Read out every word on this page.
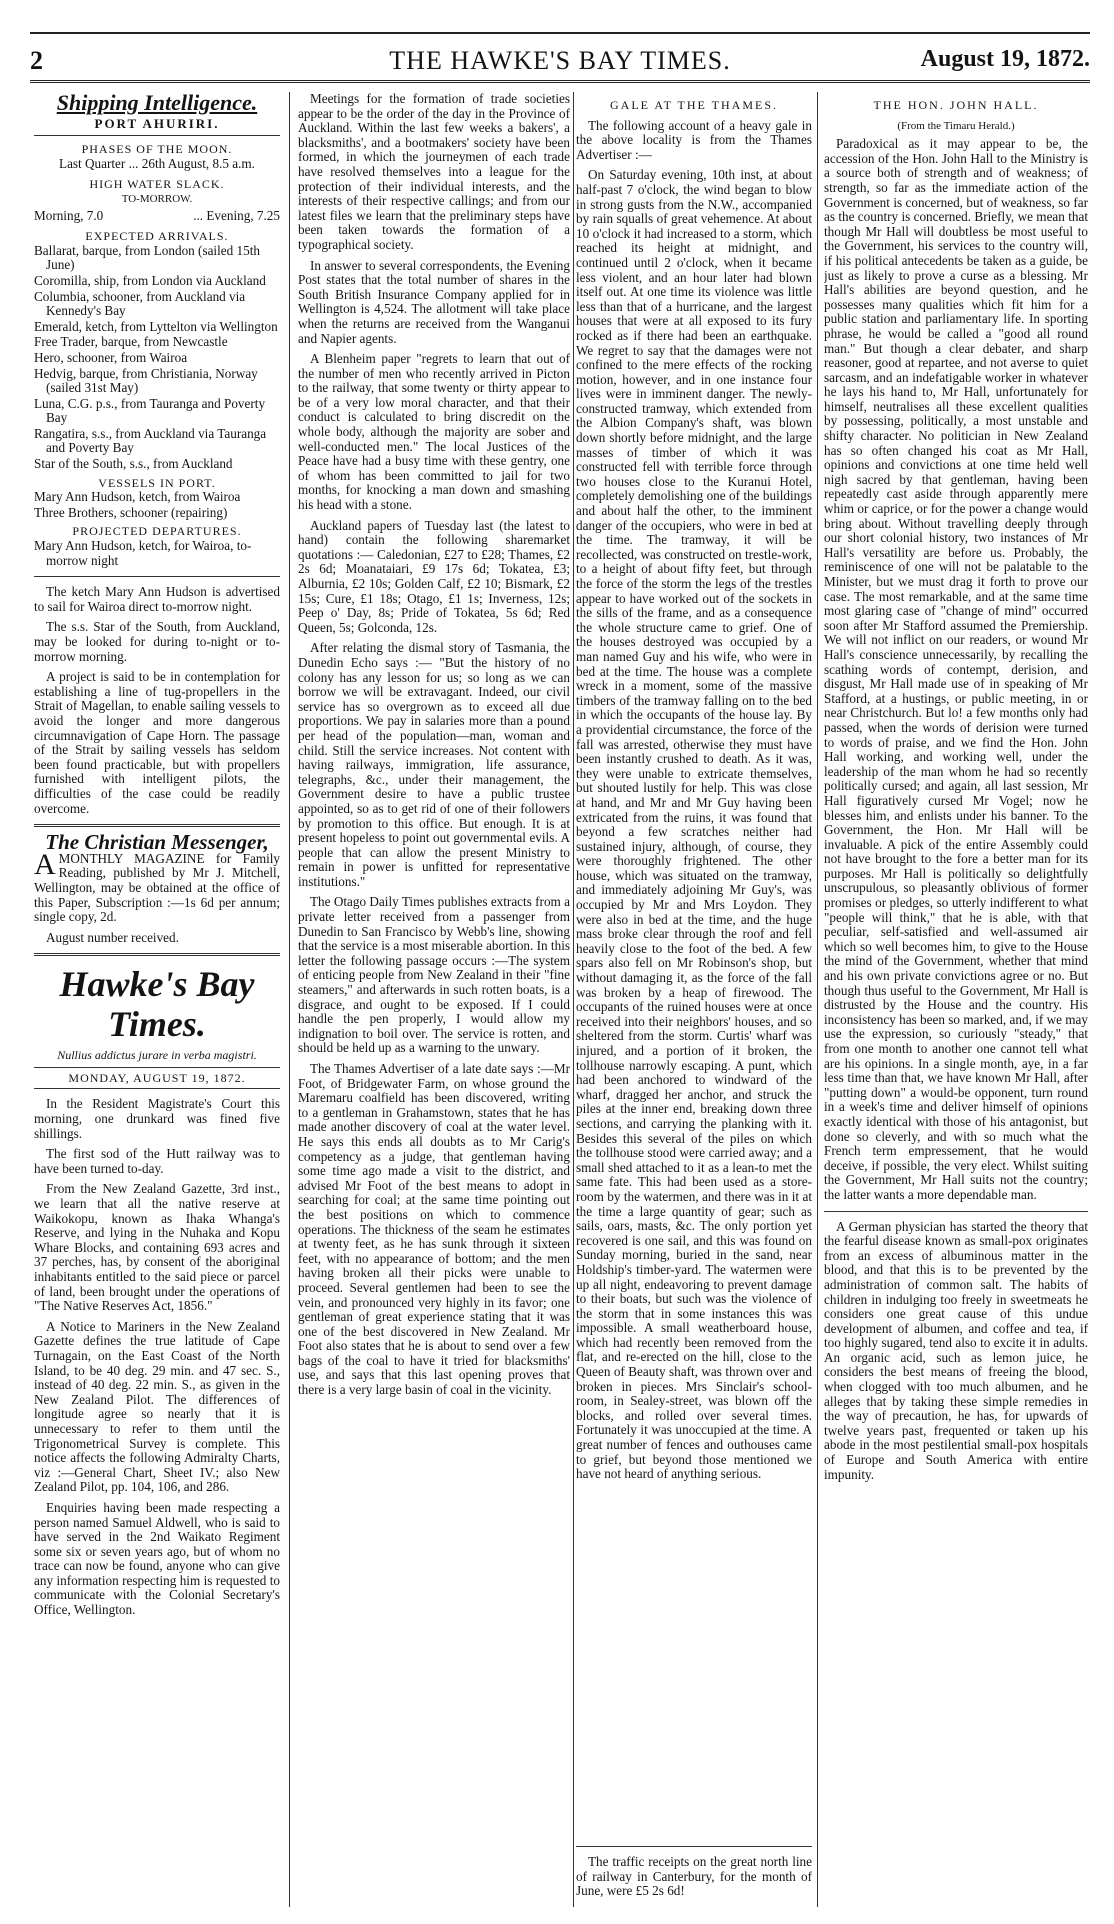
2	THE HAWKE'S BAY TIMES.	August 19, 1872.
Shipping Intelligence.
PORT AHURIRI.
PHASES OF THE MOON.
Last Quarter ... 26th August, 8.5 a.m.
HIGH WATER SLACK.
TO-MORROW.
Morning, 7.0	... Evening, 7.25
EXPECTED ARRIVALS.
Ballarat, barque, from London (sailed 15th June)
Coromilla, ship, from London via Auckland
Columbia, schooner, from Auckland via Kennedy's Bay
Emerald, ketch, from Lyttelton via Wellington
Free Trader, barque, from Newcastle
Hero, schooner, from Wairoa
Hedvig, barque, from Christiania, Norway (sailed 31st May)
Luna, C.G. p.s., from Tauranga and Poverty Bay
Rangatira, s.s., from Auckland via Tauranga and Poverty Bay
Star of the South, s.s., from Auckland
VESSELS IN PORT.
Mary Ann Hudson, ketch, from Wairoa
Three Brothers, schooner (repairing)
PROJECTED DEPARTURES.
Mary Ann Hudson, ketch, for Wairoa, to-morrow night

The ketch Mary Ann Hudson is advertised to sail for Wairoa direct to-morrow night.

The s.s. Star of the South, from Auckland, may be looked for during to-night or to-morrow morning.

A project is said to be in contemplation for establishing a line of tug-propellers in the Strait of Magellan, to enable sailing vessels to avoid the longer and more dangerous circumnavigation of Cape Horn. The passage of the Strait by sailing vessels has seldom been found practicable, but with propellers furnished with intelligent pilots, the difficulties of the case could be readily overcome.

The Christian Messenger,

AMONTHLY MAGAZINE for Family Reading, published by Mr J. Mitchell, Wellington, may be obtained at the office of this Paper, Subscription :—1s 6d per annum; single copy, 2d.

August number received.

Hawke's Bay Times.
Nullius addictus jurare in verba magistri.
MONDAY, AUGUST 19, 1872.

In the Resident Magistrate's Court this morning, one drunkard was fined five shillings.

The first sod of the Hutt railway was to have been turned to-day.

From the New Zealand Gazette, 3rd inst., we learn that all the native reserve at Waikokopu, known as Ihaka Whanga's Reserve, and lying in the Nuhaka and Kopu Whare Blocks, and containing 693 acres and 37 perches, has, by consent of the aboriginal inhabitants entitled to the said piece or parcel of land, been brought under the operations of "The Native Reserves Act, 1856."

A Notice to Mariners in the New Zealand Gazette defines the true latitude of Cape Turnagain, on the East Coast of the North Island, to be 40 deg. 29 min. and 47 sec. S., instead of 40 deg. 22 min. S., as given in the New Zealand Pilot. The differences of longitude agree so nearly that it is unnecessary to refer to them until the Trigonometrical Survey is complete. This notice affects the following Admiralty Charts, viz :—General Chart, Sheet IV.; also New Zealand Pilot, pp. 104, 106, and 286.

Enquiries having been made respecting a person named Samuel Aldwell, who is said to have served in the 2nd Waikato Regiment some six or seven years ago, but of whom no trace can now be found, anyone who can give any information respecting him is requested to communicate with the Colonial Secretary's Office, Wellington.

Meetings for the formation of trade societies appear to be the order of the day in the Province of Auckland. Within the last few weeks a bakers', a blacksmiths', and a bootmakers' society have been formed, in which the journeymen of each trade have resolved themselves into a league for the protection of their individual interests, and the interests of their respective callings; and from our latest files we learn that the preliminary steps have been taken towards the formation of a typographical society.

In answer to several correspondents, the Evening Post states that the total number of shares in the South British Insurance Company applied for in Wellington is 4,524. The allotment will take place when the returns are received from the Wanganui and Napier agents.

A Blenheim paper "regrets to learn that out of the number of men who recently arrived in Picton to the railway, that some twenty or thirty appear to be of a very low moral character, and that their conduct is calculated to bring discredit on the whole body, although the majority are sober and well-conducted men." The local Justices of the Peace have had a busy time with these gentry, one of whom has been committed to jail for two months, for knocking a man down and smashing his head with a stone.

Auckland papers of Tuesday last (the latest to hand) contain the following sharemarket quotations :— Caledonian, £27 to £28; Thames, £2 2s 6d; Moanataiari, £9 17s 6d; Tokatea, £3; Alburnia, £2 10s; Golden Calf, £2 10; Bismark, £2 15s; Cure, £1 18s; Otago, £1 1s; Inverness, 12s; Peep o' Day, 8s; Pride of Tokatea, 5s 6d; Red Queen, 5s; Golconda, 12s.

After relating the dismal story of Tasmania, the Dunedin Echo says :— "But the history of no colony has any lesson for us; so long as we can borrow we will be extravagant. Indeed, our civil service has so overgrown as to exceed all due proportions. We pay in salaries more than a pound per head of the population—man, woman and child. Still the service increases. Not content with having railways, immigration, life assurance, telegraphs, &c., under their management, the Government desire to have a public trustee appointed, so as to get rid of one of their followers by promotion to this office. But enough. It is at present hopeless to point out governmental evils. A people that can allow the present Ministry to remain in power is unfitted for representative institutions."

The Otago Daily Times publishes extracts from a private letter received from a passenger from Dunedin to San Francisco by Webb's line, showing that the service is a most miserable abortion. In this letter the following passage occurs :—The system of enticing people from New Zealand in their "fine steamers," and afterwards in such rotten boats, is a disgrace, and ought to be exposed. If I could handle the pen properly, I would allow my indignation to boil over. The service is rotten, and should be held up as a warning to the unwary.

The Thames Advertiser of a late date says :—Mr Foot, of Bridgewater Farm, on whose ground the Maremaru coalfield has been discovered, writing to a gentleman in Grahamstown, states that he has made another discovery of coal at the water level. He says this ends all doubts as to Mr Carig's competency as a judge, that gentleman having some time ago made a visit to the district, and advised Mr Foot of the best means to adopt in searching for coal; at the same time pointing out the best positions on which to commence operations. The thickness of the seam he estimates at twenty feet, as he has sunk through it sixteen feet, with no appearance of bottom; and the men having broken all their picks were unable to proceed. Several gentlemen had been to see the vein, and pronounced very highly in its favor; one gentleman of great experience stating that it was one of the best discovered in New Zealand. Mr Foot also states that he is about to send over a few bags of the coal to have it tried for blacksmiths' use, and says that this last opening proves that there is a very large basin of coal in the vicinity.

GALE AT THE THAMES.

The following account of a heavy gale in the above locality is from the Thames Advertiser :—

On Saturday evening, 10th inst, at about half-past 7 o'clock, the wind began to blow in strong gusts from the N.W., accompanied by rain squalls of great vehemence. At about 10 o'clock it had increased to a storm, which reached its height at midnight, and continued until 2 o'clock, when it became less violent, and an hour later had blown itself out. At one time its violence was little less than that of a hurricane, and the largest houses that were at all exposed to its fury rocked as if there had been an earthquake. We regret to say that the damages were not confined to the mere effects of the rocking motion, however, and in one instance four lives were in imminent danger. The newly-constructed tramway, which extended from the Albion Company's shaft, was blown down shortly before midnight, and the large masses of timber of which it was constructed fell with terrible force through two houses close to the Kuranui Hotel, completely demolishing one of the buildings and about half the other, to the imminent danger of the occupiers, who were in bed at the time. The tramway, it will be recollected, was constructed on trestle-work, to a height of about fifty feet, but through the force of the storm the legs of the trestles appear to have worked out of the sockets in the sills of the frame, and as a consequence the whole structure came to grief. One of the houses destroyed was occupied by a man named Guy and his wife, who were in bed at the time. The house was a complete wreck in a moment, some of the massive timbers of the tramway falling on to the bed in which the occupants of the house lay. By a providential circumstance, the force of the fall was arrested, otherwise they must have been instantly crushed to death. As it was, they were unable to extricate themselves, but shouted lustily for help. This was close at hand, and Mr and Mr Guy having been extricated from the ruins, it was found that beyond a few scratches neither had sustained injury, although, of course, they were thoroughly frightened. The other house, which was situated on the tramway, and immediately adjoining Mr Guy's, was occupied by Mr and Mrs Loydon. They were also in bed at the time, and the huge mass broke clear through the roof and fell heavily close to the foot of the bed. A few spars also fell on Mr Robinson's shop, but without damaging it, as the force of the fall was broken by a heap of firewood. The occupants of the ruined houses were at once received into their neighbors' houses, and so sheltered from the storm. Curtis' wharf was injured, and a portion of it broken, the tollhouse narrowly escaping. A punt, which had been anchored to windward of the wharf, dragged her anchor, and struck the piles at the inner end, breaking down three sections, and carrying the planking with it. Besides this several of the piles on which the tollhouse stood were carried away; and a small shed attached to it as a lean-to met the same fate. This had been used as a store-room by the watermen, and there was in it at the time a large quantity of gear; such as sails, oars, masts, &c. The only portion yet recovered is one sail, and this was found on Sunday morning, buried in the sand, near Holdship's timber-yard. The watermen were up all night, endeavoring to prevent damage to their boats, but such was the violence of the storm that in some instances this was impossible. A small weatherboard house, which had recently been removed from the flat, and re-erected on the hill, close to the Queen of Beauty shaft, was thrown over and broken in pieces. Mrs Sinclair's school-room, in Sealey-street, was blown off the blocks, and rolled over several times. Fortunately it was unoccupied at the time. A great number of fences and outhouses came to grief, but beyond those mentioned we have not heard of anything serious.

The traffic receipts on the great north line of railway in Canterbury, for the month of June, were £5 2s 6d!

THE HON. JOHN HALL.
(From the Timaru Herald.)

Paradoxical as it may appear to be, the accession of the Hon. John Hall to the Ministry is a source both of strength and of weakness; of strength, so far as the immediate action of the Government is concerned, but of weakness, so far as the country is concerned. Briefly, we mean that though Mr Hall will doubtless be most useful to the Government, his services to the country will, if his political antecedents be taken as a guide, be just as likely to prove a curse as a blessing. Mr Hall's abilities are beyond question, and he possesses many qualities which fit him for a public station and parliamentary life. In sporting phrase, he would be called a "good all round man." But though a clear debater, and sharp reasoner, good at repartee, and not averse to quiet sarcasm, and an indefatigable worker in whatever he lays his hand to, Mr Hall, unfortunately for himself, neutralises all these excellent qualities by possessing, politically, a most unstable and shifty character. No politician in New Zealand has so often changed his coat as Mr Hall, opinions and convictions at one time held well nigh sacred by that gentleman, having been repeatedly cast aside through apparently mere whim or caprice, or for the power a change would bring about. Without travelling deeply through our short colonial history, two instances of Mr Hall's versatility are before us. Probably, the reminiscence of one will not be palatable to the Minister, but we must drag it forth to prove our case. The most remarkable, and at the same time most glaring case of "change of mind" occurred soon after Mr Stafford assumed the Premiership. We will not inflict on our readers, or wound Mr Hall's conscience unnecessarily, by recalling the scathing words of contempt, derision, and disgust, Mr Hall made use of in speaking of Mr Stafford, at a hustings, or public meeting, in or near Christchurch. But lo! a few months only had passed, when the words of derision were turned to words of praise, and we find the Hon. John Hall working, and working well, under the leadership of the man whom he had so recently politically cursed; and again, all last session, Mr Hall figuratively cursed Mr Vogel; now he blesses him, and enlists under his banner. To the Government, the Hon. Mr Hall will be invaluable. A pick of the entire Assembly could not have brought to the fore a better man for its purposes. Mr Hall is politically so delightfully unscrupulous, so pleasantly oblivious of former promises or pledges, so utterly indifferent to what "people will think," that he is able, with that peculiar, self-satisfied and well-assumed air which so well becomes him, to give to the House the mind of the Government, whether that mind and his own private convictions agree or no. But though thus useful to the Government, Mr Hall is distrusted by the House and the country. His inconsistency has been so marked, and, if we may use the expression, so curiously "steady," that from one month to another one cannot tell what are his opinions. In a single month, aye, in a far less time than that, we have known Mr Hall, after "putting down" a would-be opponent, turn round in a week's time and deliver himself of opinions exactly identical with those of his antagonist, but done so cleverly, and with so much what the French term empressement, that he would deceive, if possible, the very elect. Whilst suiting the Government, Mr Hall suits not the country; the latter wants a more dependable man.

A German physician has started the theory that the fearful disease known as small-pox originates from an excess of albuminous matter in the blood, and that this is to be prevented by the administration of common salt. The habits of children in indulging too freely in sweetmeats he considers one great cause of this undue development of albumen, and coffee and tea, if too highly sugared, tend also to excite it in adults. An organic acid, such as lemon juice, he considers the best means of freeing the blood, when clogged with too much albumen, and he alleges that by taking these simple remedies in the way of precaution, he has, for upwards of twelve years past, frequented or taken up his abode in the most pestilential small-pox hospitals of Europe and South America with entire impunity.
